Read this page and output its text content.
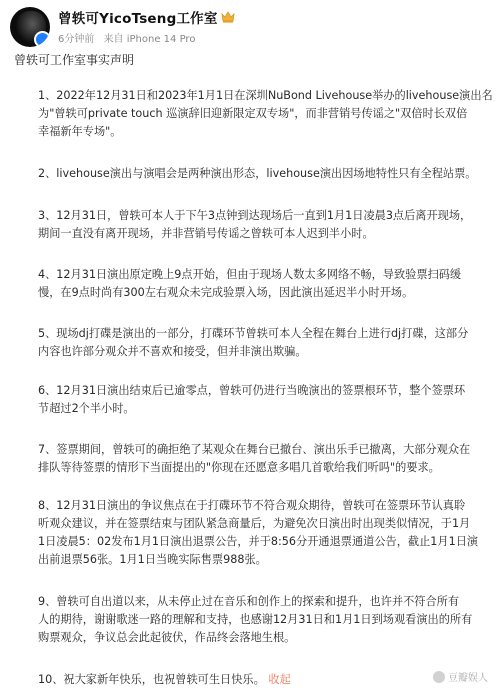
曾轶可YicoTseng工作室
6分钟前 来自 iPhone 14 Pro
曾轶可工作室事实声明
1、2022年12月31日和2023年1月1日在深圳NuBond Livehouse举办的livehouse演出名
为"曾轶可private touch 巡演辞旧迎新限定双专场"，而非营销号传谣之"双倍时长双倍
幸福新年专场"。
2、livehouse演出与演唱会是两种演出形态，livehouse演出因场地特性只有全程站票。
3、12月31日，曾轶可本人于下午3点钟到达现场后一直到1月1日凌晨3点后离开现场，
期间一直没有离开现场，并非营销号传谣之曾轶可本人迟到半小时。
4、12月31日演出原定晚上9点开始，但由于现场人数太多网络不畅，导致验票扫码缓
慢，在9点时尚有300左右观众未完成验票入场，因此演出延迟半小时开场。
5、现场dj打碟是演出的一部分，打碟环节曾轶可本人全程在舞台上进行dj打碟，这部分
内容也许部分观众并不喜欢和接受，但并非演出欺骗。
6、12月31日演出结束后已逾零点，曾轶可仍进行当晚演出的签票根环节，整个签票环
节超过2个半小时。
7、签票期间，曾轶可的确拒绝了某观众在舞台已撤台、演出乐手已撤离，大部分观众在
排队等待签票的情形下当面提出的"你现在还愿意多唱几首歌给我们听吗"的要求。
8、12月31日演出的争议焦点在于打碟环节不符合观众期待，曾轶可在签票环节认真聆
听观众建议，并在签票结束与团队紧急商量后，为避免次日演出时出现类似情况，于1月
1日凌晨5：02发布1月1日演出退票公告，并于8:56分开通退票通道公告，截止1月1日演
出前退票56张。1月1日当晚实际售票988张。
9、曾轶可自出道以来，从未停止过在音乐和创作上的探索和提升，也许并不符合所有
人的期待，谢谢歌迷一路的理解和支持，也感谢12月31日和1月1日到场观看演出的所有
购票观众，争议总会此起彼伏，作品终会落地生根。
10、祝大家新年快乐，也祝曾轶可生日快乐。 收起	豆瓣娱人
